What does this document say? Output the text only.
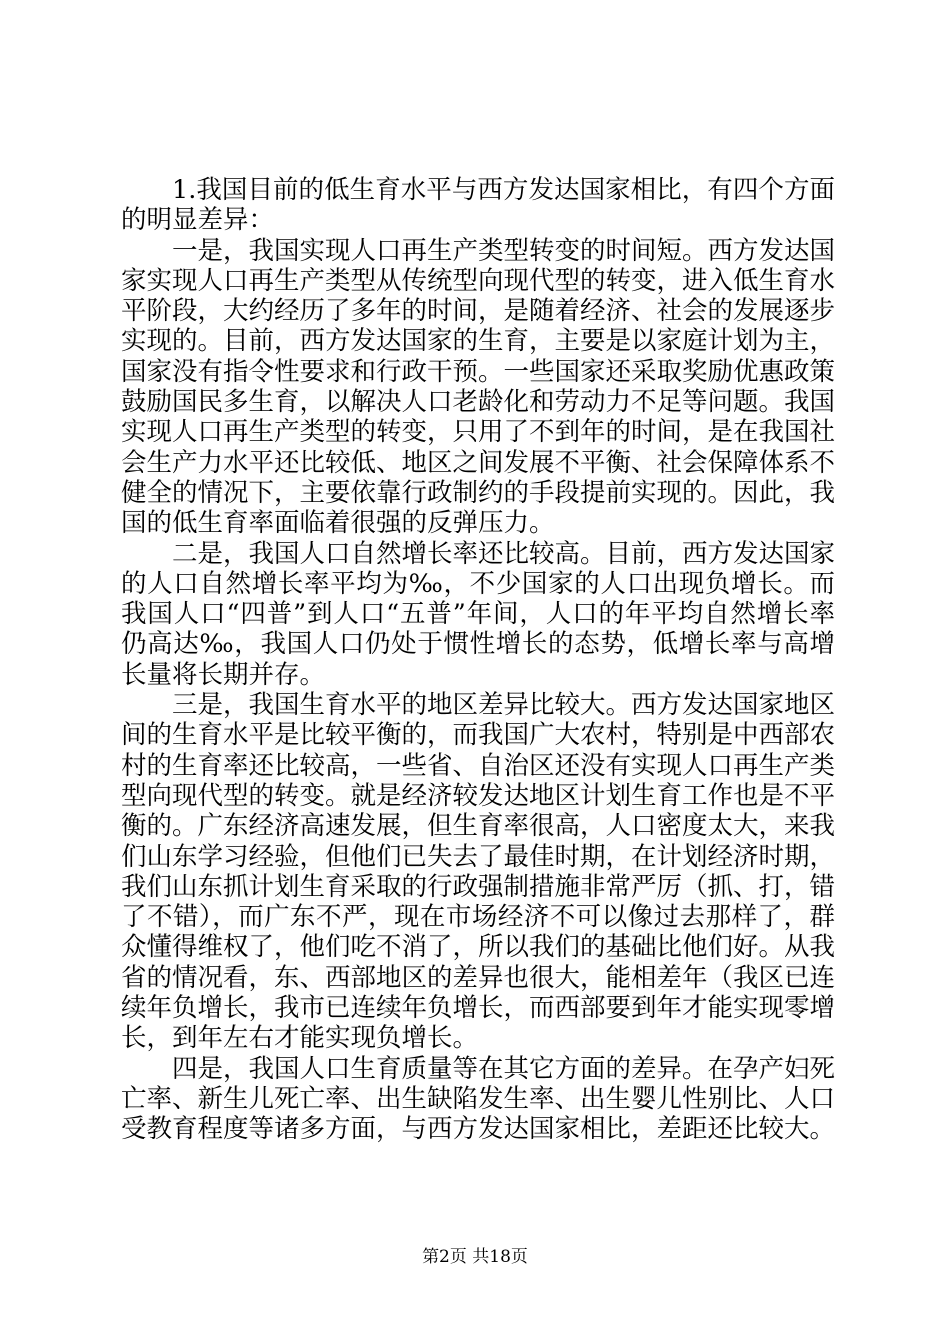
1.我国目前的低生育水平与西方发达国家相比，有四个方面的明显差异：

一是，我国实现人口再生产类型转变的时间短。西方发达国家实现人口再生产类型从传统型向现代型的转变，进入低生育水平阶段，大约经历了多年的时间，是随着经济、社会的发展逐步实现的。目前，西方发达国家的生育，主要是以家庭计划为主，国家没有指令性要求和行政干预。一些国家还采取奖励优惠政策鼓励国民多生育，以解决人口老龄化和劳动力不足等问题。我国实现人口再生产类型的转变，只用了不到年的时间，是在我国社会生产力水平还比较低、地区之间发展不平衡、社会保障体系不健全的情况下，主要依靠行政制约的手段提前实现的。因此，我国的低生育率面临着很强的反弹压力。

二是，我国人口自然增长率还比较高。目前，西方发达国家的人口自然增长率平均为‰，不少国家的人口出现负增长。而我国人口“四普”到人口“五普”年间，人口的年平均自然增长率仍高达‰，我国人口仍处于惯性增长的态势，低增长率与高增长量将长期并存。

三是，我国生育水平的地区差异比较大。西方发达国家地区间的生育水平是比较平衡的，而我国广大农村，特别是中西部农村的生育率还比较高，一些省、自治区还没有实现人口再生产类型向现代型的转变。就是经济较发达地区计划生育工作也是不平衡的。广东经济高速发展，但生育率很高，人口密度太大，来我们山东学习经验，但他们已失去了最佳时期，在计划经济时期，我们山东抓计划生育采取的行政强制措施非常严厉（抓、打，错了不错），而广东不严，现在市场经济不可以像过去那样了，群众懂得维权了，他们吃不消了，所以我们的基础比他们好。从我省的情况看，东、西部地区的差异也很大，能相差年（我区已连续年负增长，我市已连续年负增长，而西部要到年才能实现零增长，到年左右才能实现负增长。

四是，我国人口生育质量等在其它方面的差异。在孕产妇死亡率、新生儿死亡率、出生缺陷发生率、出生婴儿性别比、人口受教育程度等诸多方面，与西方发达国家相比，差距还比较大。

第2页 共18页
